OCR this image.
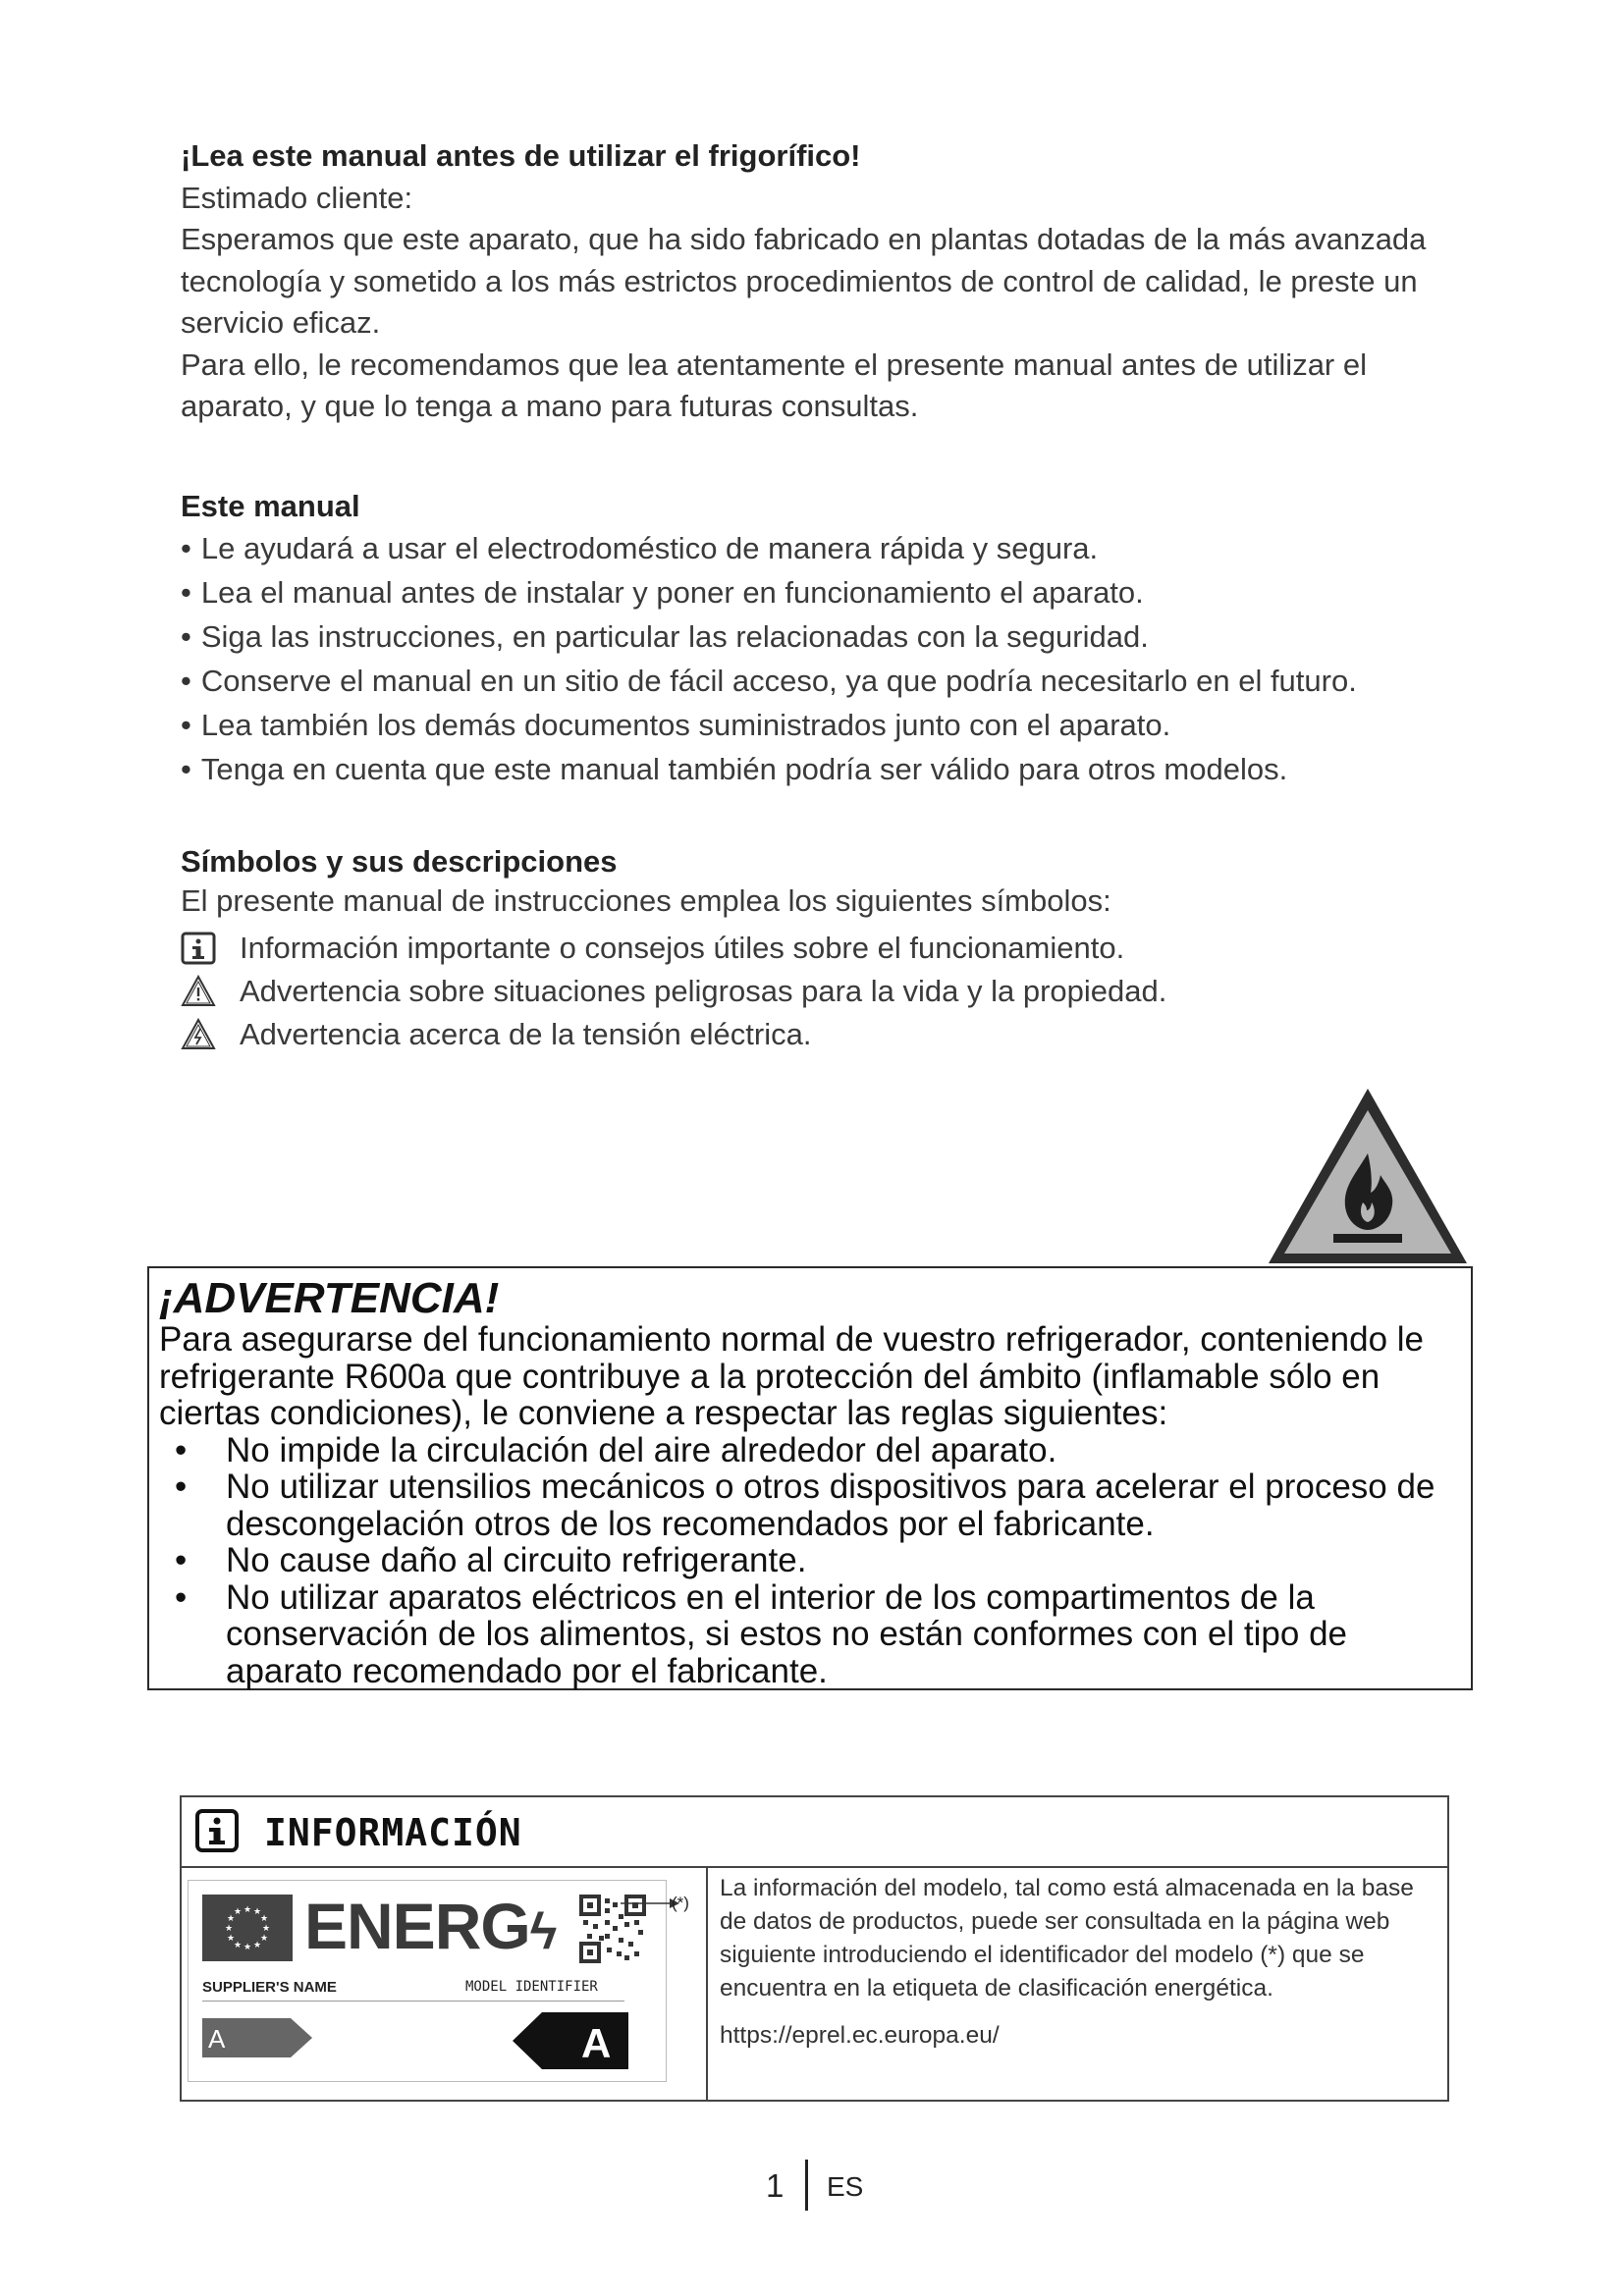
¡Lea este manual antes de utilizar el frigorífico!

Estimado cliente:

Esperamos que este aparato, que ha sido fabricado en plantas dotadas de la más avanzada tecnología y sometido a los más estrictos procedimientos de control de calidad, le preste un servicio eficaz.

Para ello, le recomendamos que lea atentamente el presente manual antes de utilizar el aparato, y que lo tenga a mano para futuras consultas.

Este manual
• Le ayudará a usar el electrodoméstico de manera rápida y segura.
• Lea el manual antes de instalar y poner en funcionamiento el aparato.
• Siga las instrucciones, en particular las relacionadas con la seguridad.
• Conserve el manual en un sitio de fácil acceso, ya que podría necesitarlo en el futuro.
• Lea también los demás documentos suministrados junto con el aparato.
• Tenga en cuenta que este manual también podría ser válido para otros modelos.
Símbolos y sus descripciones
El presente manual de instrucciones emplea los siguientes símbolos:
Información importante o consejos útiles sobre el funcionamiento.
Advertencia sobre situaciones peligrosas para la vida y la propiedad.
Advertencia acerca de la tensión eléctrica.

¡ADVERTENCIA!

Para asegurarse del funcionamiento normal de vuestro refrigerador, conteniendo le refrigerante R600a que contribuye a la protección del ámbito (inflamable sólo en ciertas condiciones), le conviene a respectar las reglas siguientes:

• No impide la circulación del aire alrededor del aparato.
• No utilizar utensilios mecánicos o otros dispositivos para acelerar el proceso de descongelación otros de los recomendados por el fabricante.
• No cause daño al circuito refrigerante.
• No utilizar aparatos eléctricos en el interior de los compartimentos de la conservación de los alimentos, si estos no están conformes con el tipo de aparato recomendado por el fabricante.
INFORMACIÓN
★ ★
★
★
★
★
★
★
★
★
★
★ ENERGϟ
SUPPLIER'S NAME	MODEL IDENTIFIER
A	A
(*)

La información del modelo, tal como está almacenada en la base de datos de productos, puede ser consultada en la página web siguiente introduciendo el identificador del modelo (*) que se encuentra en la etiqueta de clasificación energética.

https://eprel.ec.europa.eu/

1 ES
